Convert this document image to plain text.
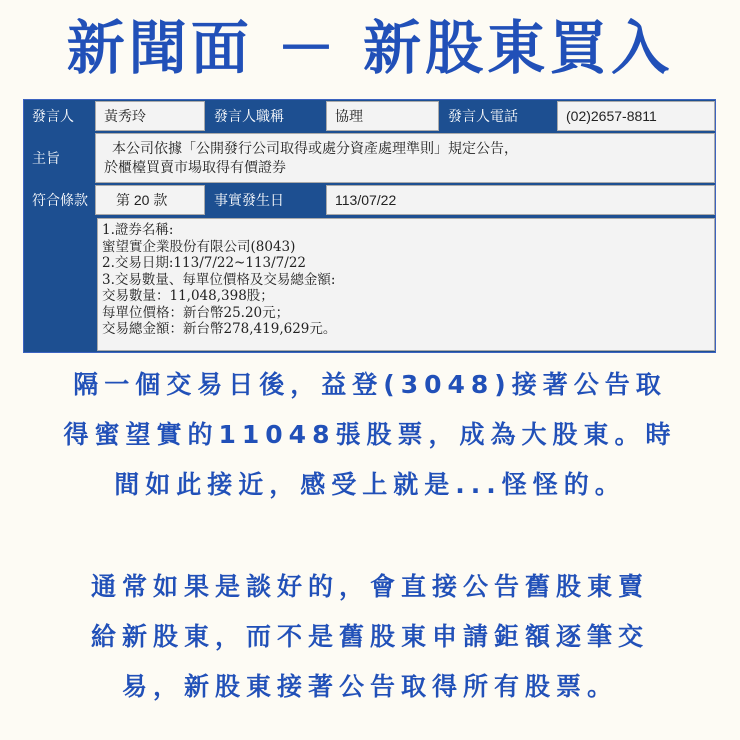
新聞面 － 新股東買入
發言人	黃秀玲	發言人職稱	協理	發言人電話	(02)2657-8811
主旨
本公司依據「公開發行公司取得或處分資產處理準則」規定公告，
於櫃檯買賣市場取得有價證券
符合條款	第 20 款	事實發生日	113/07/22
1.證券名稱:
蜜望實企業股份有限公司(8043)
2.交易日期:113/7/22~113/7/22
3.交易數量、每單位價格及交易總金額:
交易數量：11,048,398股；
每單位價格：新台幣25.20元；
交易總金額：新台幣278,419,629元。
隔一個交易日後，益登(3048)接著公告取
得蜜望實的11048張股票，成為大股東。時
間如此接近，感受上就是...怪怪的。
通常如果是談好的，會直接公告舊股東賣
給新股東，而不是舊股東申請鉅額逐筆交
易，新股東接著公告取得所有股票。
